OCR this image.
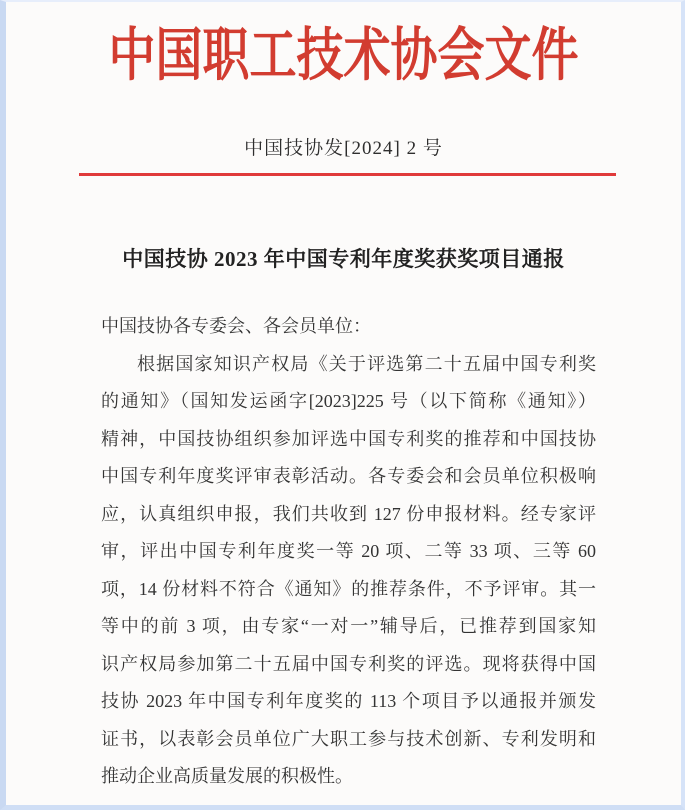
中国职工技术协会文件
中国技协发[2024] 2 号
中国技协 2023 年中国专利年度奖获奖项目通报
中国技协各专委会、各会员单位：
根据国家知识产权局《关于评选第二十五届中国专利奖
的通知》（国知发运函字[2023]225 号（以下简称《通知》）
精神，中国技协组织参加评选中国专利奖的推荐和中国技协
中国专利年度奖评审表彰活动。各专委会和会员单位积极响
应，认真组织申报，我们共收到 127 份申报材料。经专家评
审，评出中国专利年度奖一等 20 项、二等 33 项、三等 60
项，14 份材料不符合《通知》的推荐条件，不予评审。其一
等中的前 3 项，由专家“一对一”辅导后，已推荐到国家知
识产权局参加第二十五届中国专利奖的评选。现将获得中国
技协 2023 年中国专利年度奖的 113 个项目予以通报并颁发
证书，以表彰会员单位广大职工参与技术创新、专利发明和
推动企业高质量发展的积极性。
